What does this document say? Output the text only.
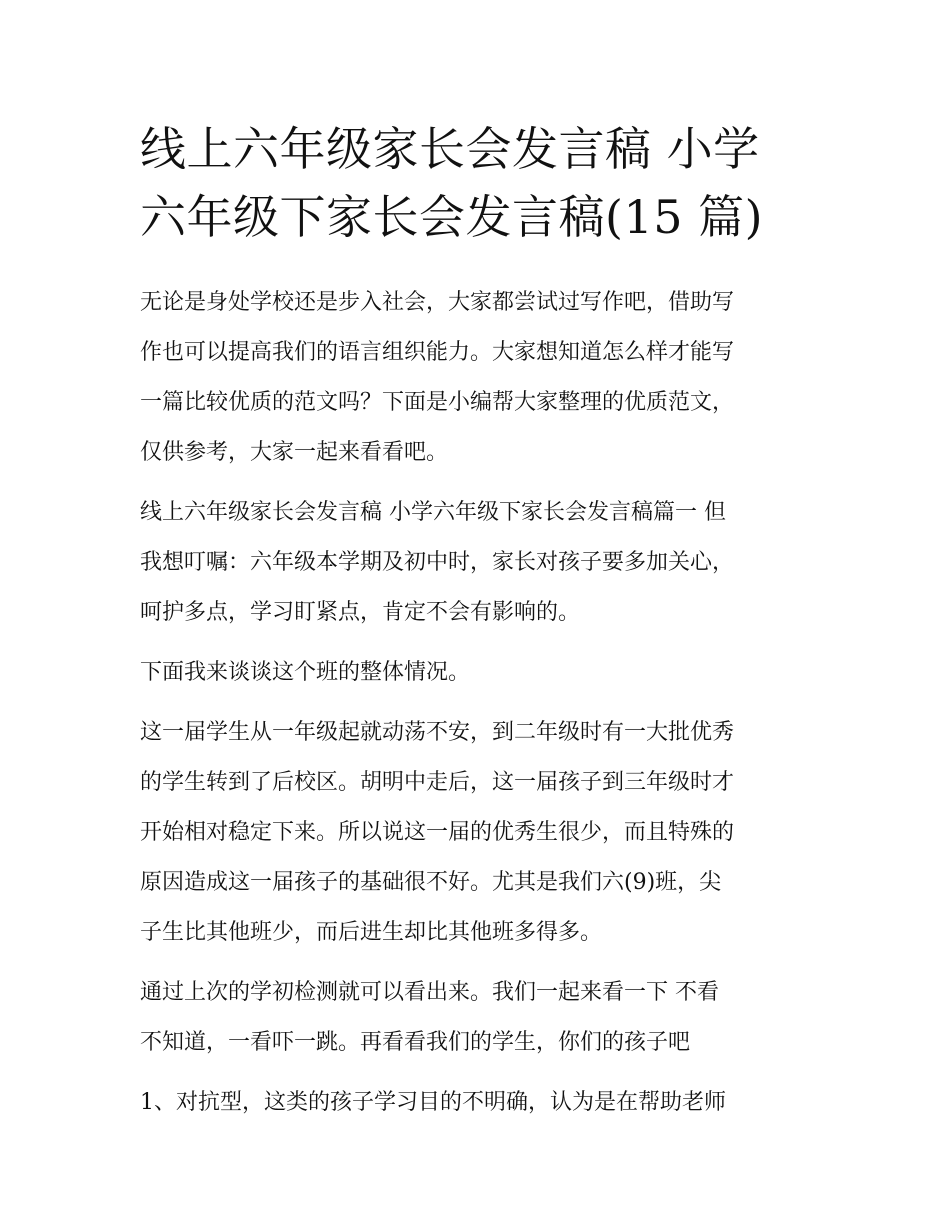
线上六年级家长会发言稿 小学
六年级下家长会发言稿(15 篇)

无论是身处学校还是步入社会，大家都尝试过写作吧，借助写
作也可以提高我们的语言组织能力。大家想知道怎么样才能写
一篇比较优质的范文吗？下面是小编帮大家整理的优质范文，
仅供参考，大家一起来看看吧。

线上六年级家长会发言稿 小学六年级下家长会发言稿篇一 但
我想叮嘱：六年级本学期及初中时，家长对孩子要多加关心，
呵护多点，学习盯紧点，肯定不会有影响的。

下面我来谈谈这个班的整体情况。

这一届学生从一年级起就动荡不安，到二年级时有一大批优秀
的学生转到了后校区。胡明中走后，这一届孩子到三年级时才
开始相对稳定下来。所以说这一届的优秀生很少，而且特殊的
原因造成这一届孩子的基础很不好。尤其是我们六(9)班，尖
子生比其他班少，而后进生却比其他班多得多。

通过上次的学初检测就可以看出来。我们一起来看一下 不看
不知道，一看吓一跳。再看看我们的学生，你们的孩子吧

1、对抗型，这类的孩子学习目的不明确，认为是在帮助老师
